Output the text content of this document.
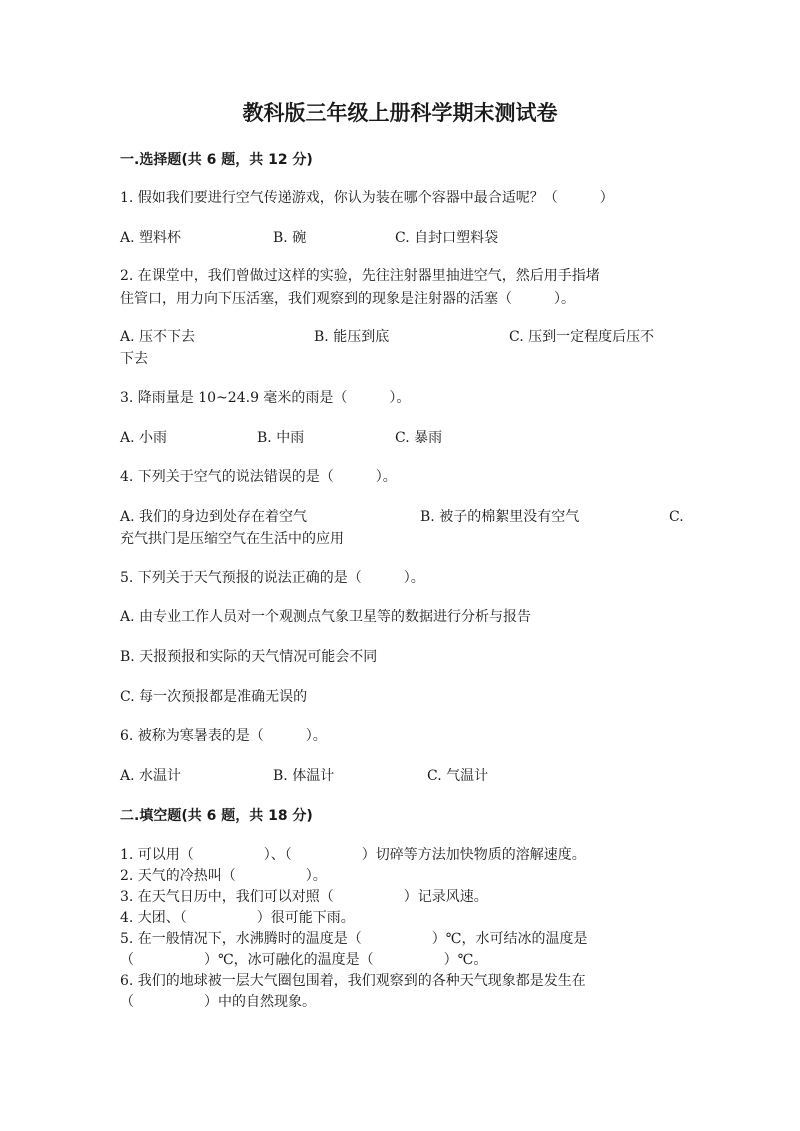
教科版三年级上册科学期末测试卷
一.选择题(共 6 题，共 12 分)
1. 假如我们要进行空气传递游戏，你认为装在哪个容器中最合适呢？（　　　）
A. 塑料杯	B. 碗	C. 自封口塑料袋
2. 在课堂中，我们曾做过这样的实验，先往注射器里抽进空气，然后用手指堵
住管口，用力向下压活塞，我们观察到的现象是注射器的活塞（　　　）。
A. 压不下去	B. 能压到底	C. 压到一定程度后压不
下去
3. 降雨量是 10~24.9 毫米的雨是（　　　）。
A. 小雨	B. 中雨	C. 暴雨
4. 下列关于空气的说法错误的是（　　　）。
A. 我们的身边到处存在着空气	B. 被子的棉絮里没有空气	C.
充气拱门是压缩空气在生活中的应用
5. 下列关于天气预报的说法正确的是（　　　）。
A. 由专业工作人员对一个观测点气象卫星等的数据进行分析与报告
B. 天报预报和实际的天气情况可能会不同
C. 每一次预报都是准确无误的
6. 被称为寒暑表的是（　　　）。
A. 水温计	B. 体温计	C. 气温计
二.填空题(共 6 题，共 18 分)
1. 可以用（　　　　　）、（　　　　　）切碎等方法加快物质的溶解速度。
2. 天气的冷热叫（　　　　　）。
3. 在天气日历中，我们可以对照（　　　　　）记录风速。
4. 大团、（　　　　　）很可能下雨。
5. 在一般情况下，水沸腾时的温度是（　　　　　）℃，水可结冰的温度是
（　　　　　）℃，冰可融化的温度是（　　　　　）℃。
6. 我们的地球被一层大气圈包围着，我们观察到的各种天气现象都是发生在
（　　　　　）中的自然现象。
